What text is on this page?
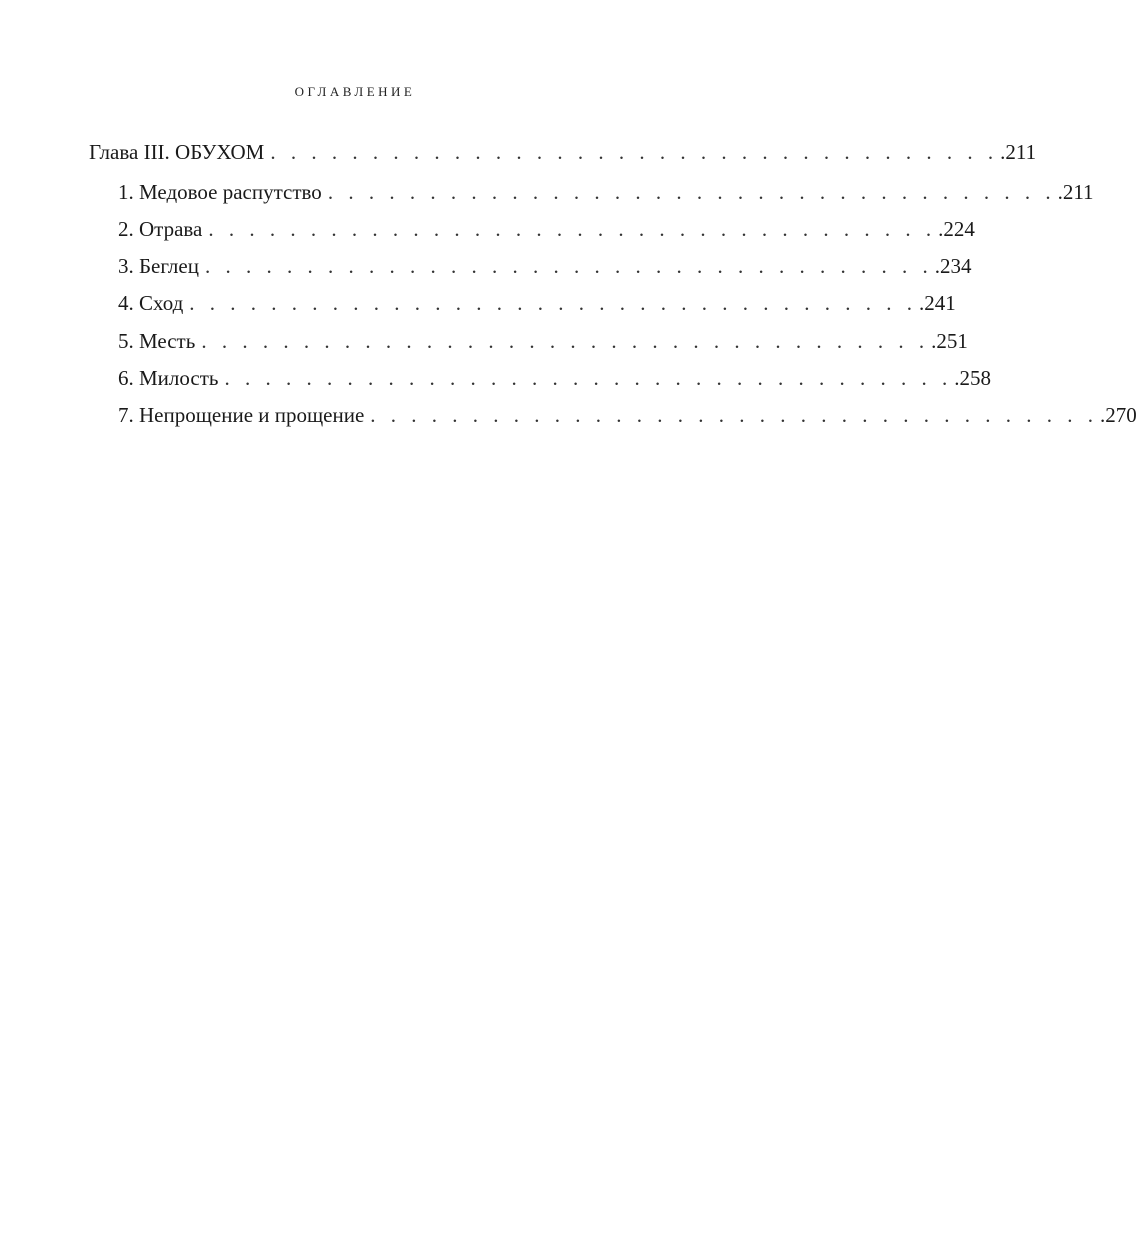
ОГЛАВЛЕНИЕ
Глава III. ОБУХОМ . . . . . . . . . . . . . . . . . . . . . . . . . . . . . . . . . . . . .211
1. Медовое распутство . . . . . . . . . . . . . . . . . . . . . . . . . . . . . . . . . . . . .211
2. Отрава . . . . . . . . . . . . . . . . . . . . . . . . . . . . . . . . . . . . .224
3. Беглец . . . . . . . . . . . . . . . . . . . . . . . . . . . . . . . . . . . . .234
4. Сход . . . . . . . . . . . . . . . . . . . . . . . . . . . . . . . . . . . . .241
5. Месть . . . . . . . . . . . . . . . . . . . . . . . . . . . . . . . . . . . . .251
6. Милость . . . . . . . . . . . . . . . . . . . . . . . . . . . . . . . . . . . . .258
7. Непрощение и прощение . . . . . . . . . . . . . . . . . . . . . . . . . . . . . . . . . . . . .270
